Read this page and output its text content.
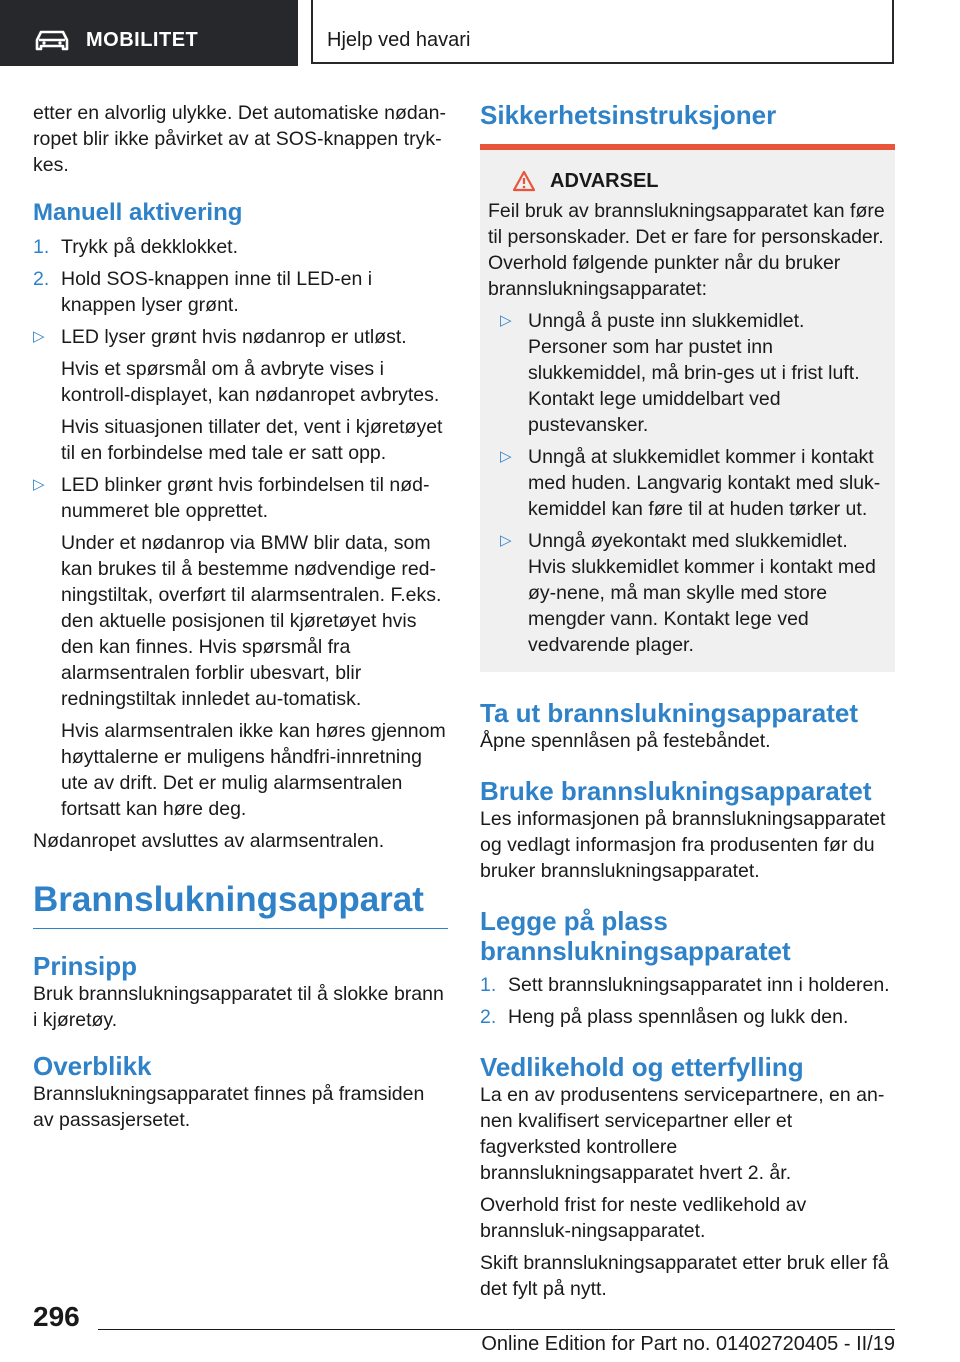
MOBILITET	Hjelp ved havari

etter en alvorlig ulykke. Det automatiske nødan-ropet blir ikke påvirket av at SOS-knappen tryk-kes.

Manuell aktivering
1. Trykk på dekklokket.
2. Hold SOS-knappen inne til LED-en i knappen lyser grønt.
▷ LED lyser grønt hvis nødanrop er utløst.
Hvis et spørsmål om å avbryte vises i kontroll-displayet, kan nødanropet avbrytes.
Hvis situasjonen tillater det, vent i kjøretøyet til en forbindelse med tale er satt opp.
▷ LED blinker grønt hvis forbindelsen til nød-nummeret ble opprettet.
Under et nødanrop via BMW blir data, som kan brukes til å bestemme nødvendige red-ningstiltak, overført til alarmsentralen. F.eks. den aktuelle posisjonen til kjøretøyet hvis den kan finnes. Hvis spørsmål fra alarmsentralen forblir ubesvart, blir redningstiltak innledet au-tomatisk.
Hvis alarmsentralen ikke kan høres gjennom høyttalerne er muligens håndfri-innretning ute av drift. Det er mulig alarmsentralen fortsatt kan høre deg.

Nødanropet avsluttes av alarmsentralen.

Brannslukningsapparat
Prinsipp

Bruk brannslukningsapparatet til å slokke brann i kjøretøy.

Overblikk

Brannslukningsapparatet finnes på framsiden av passasjersetet.

Sikkerhetsinstruksjoner
ADVARSEL

Feil bruk av brannslukningsapparatet kan føre til personskader. Det er fare for personskader. Overhold følgende punkter når du bruker brannslukningsapparatet:

▷ Unngå å puste inn slukkemidlet. Personer som har pustet inn slukkemiddel, må brin-ges ut i frist luft. Kontakt lege umiddelbart ved pustevansker.
▷ Unngå at slukkemidlet kommer i kontakt med huden. Langvarig kontakt med sluk-kemiddel kan føre til at huden tørker ut.
▷ Unngå øyekontakt med slukkemidlet. Hvis slukkemidlet kommer i kontakt med øy-nene, må man skylle med store mengder vann. Kontakt lege ved vedvarende plager.
Ta ut brannslukningsapparatet

Åpne spennlåsen på festebåndet.

Bruke brannslukningsapparatet

Les informasjonen på brannslukningsapparatet og vedlagt informasjon fra produsenten før du bruker brannslukningsapparatet.

Legge på plass brannslukningsapparatet
1. Sett brannslukningsapparatet inn i holderen.
2. Heng på plass spennlåsen og lukk den.
Vedlikehold og etterfylling

La en av produsentens servicepartnere, en an-nen kvalifisert servicepartner eller et fagverksted kontrollere brannslukningsapparatet hvert 2. år.

Overhold frist for neste vedlikehold av brannsluk-ningsapparatet.

Skift brannslukningsapparatet etter bruk eller få det fylt på nytt.

296
Online Edition for Part no. 01402720405 - II/19
